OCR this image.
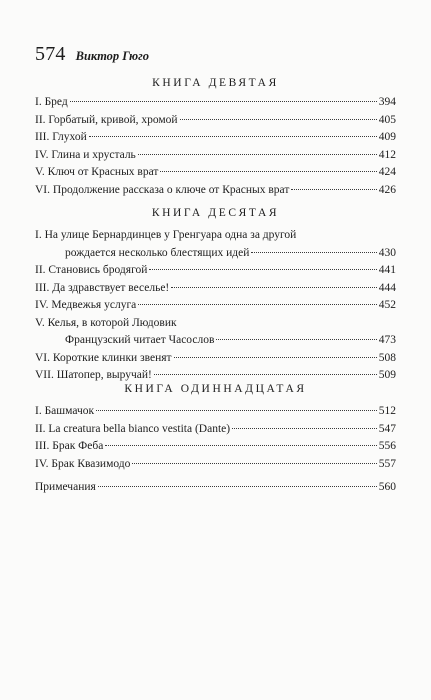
574 Виктор Гюго
КНИГА ДЕВЯТАЯ
I. Бред	394
II. Горбатый, кривой, хромой	405
III. Глухой	409
IV. Глина и хрусталь	412
V. Ключ от Красных врат	424
VI. Продолжение рассказа о ключе от Красных врат	426
КНИГА ДЕСЯТАЯ
I. На улице Бернардинцев у Гренгуара одна за другой
рождается несколько блестящих идей	430
II. Становись бродягой	441
III. Да здравствует веселье!	444
IV. Медвежья услуга	452
V. Келья, в которой Людовик
Французский читает Часослов	473
VI. Короткие клинки звенят	508
VII. Шатопер, выручай!	509
КНИГА ОДИННАДЦАТАЯ
I. Башмачок	512
II. La creatura bella bianco vestita (Dante)	547
III. Брак Феба	556
IV. Брак Квазимодо	557
Примечания	560
